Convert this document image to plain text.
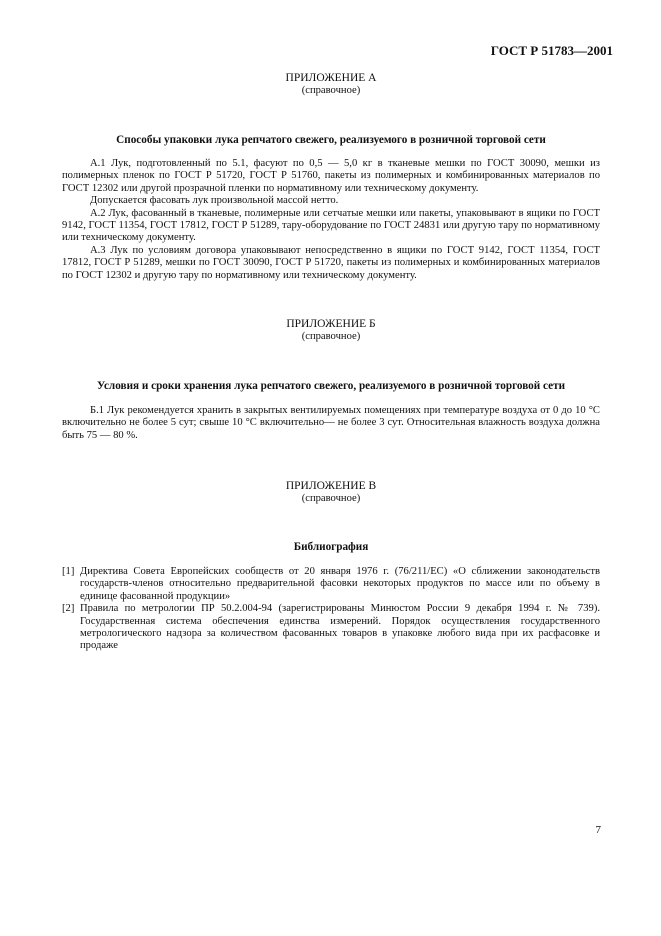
ГОСТ Р 51783—2001
ПРИЛОЖЕНИЕ А
(справочное)
Способы упаковки лука репчатого свежего, реализуемого в розничной торговой сети

А.1 Лук, подготовленный по 5.1, фасуют по 0,5 — 5,0 кг в тканевые мешки по ГОСТ 30090, мешки из полимерных пленок по ГОСТ Р 51720, ГОСТ Р 51760, пакеты из полимерных и комбинированных материалов по ГОСТ 12302 или другой прозрачной пленки по нормативному или техническому документу.

Допускается фасовать лук произвольной массой нетто.

А.2 Лук, фасованный в тканевые, полимерные или сетчатые мешки или пакеты, упаковывают в ящики по ГОСТ 9142, ГОСТ 11354, ГОСТ 17812, ГОСТ Р 51289, тару-оборудование по ГОСТ 24831 или другую тару по нормативному или техническому документу.

А.3 Лук по условиям договора упаковывают непосредственно в ящики по ГОСТ 9142, ГОСТ 11354, ГОСТ 17812, ГОСТ Р 51289, мешки по ГОСТ 30090, ГОСТ Р 51720, пакеты из полимерных и комбинированных материалов по ГОСТ 12302 и другую тару по нормативному или техническому документу.

ПРИЛОЖЕНИЕ Б
(справочное)
Условия и сроки хранения лука репчатого свежего, реализуемого в розничной торговой сети

Б.1 Лук рекомендуется хранить в закрытых вентилируемых помещениях при температуре воздуха от 0 до 10 °С включительно не более 5 сут; свыше 10 °С включительно— не более 3 сут. Относительная влажность воздуха должна быть 75 — 80 %.

ПРИЛОЖЕНИЕ В
(справочное)
Библиография
[1] Директива Совета Европейских сообществ от 20 января 1976 г. (76/211/ЕС) «О сближении законодательств государств-членов относительно предварительной фасовки некоторых продуктов по массе или по объему в единице фасованной продукции»
[2] Правила по метрологии ПР 50.2.004-94 (зарегистрированы Минюстом России 9 декабря 1994 г. № 739). Государственная система обеспечения единства измерений. Порядок осуществления государственного метрологического надзора за количеством фасованных товаров в упаковке любого вида при их расфасовке и продаже
7
